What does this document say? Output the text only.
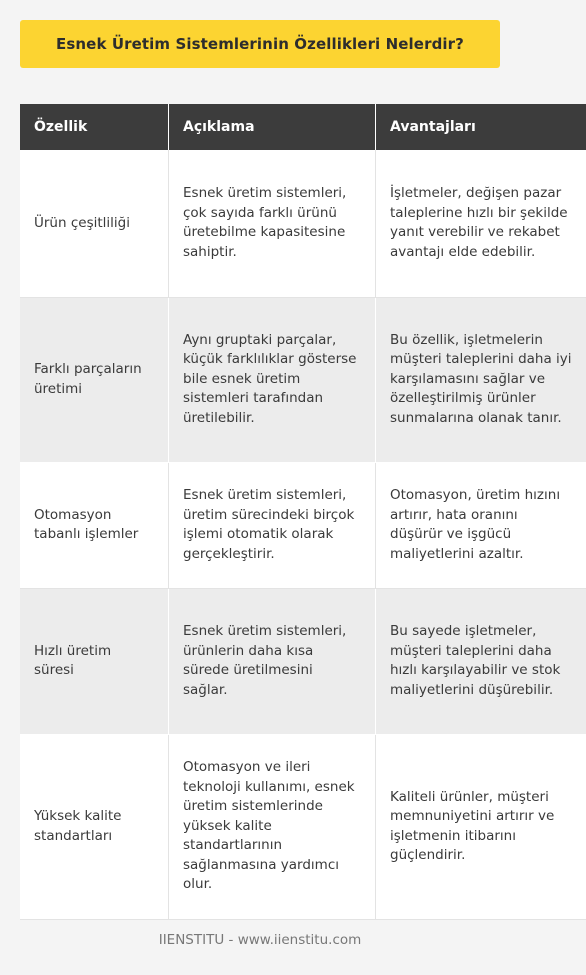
Esnek Üretim Sistemlerinin Özellikleri Nelerdir?
Özellik	Açıklama	Avantajları
Ürün çeşitliliği	Esnek üretim sistemleri, çok sayıda farklı ürünü üretebilme kapasitesine sahiptir.	İşletmeler, değişen pazar taleplerine hızlı bir şekilde yanıt verebilir ve rekabet avantajı elde edebilir.
Farklı parçaların üretimi	Aynı gruptaki parçalar, küçük farklılıklar gösterse bile esnek üretim sistemleri tarafından üretilebilir.	Bu özellik, işletmelerin müşteri taleplerini daha iyi karşılamasını sağlar ve özelleştirilmiş ürünler sunmalarına olanak tanır.
Otomasyon tabanlı işlemler	Esnek üretim sistemleri, üretim sürecindeki birçok işlemi otomatik olarak gerçekleştirir.	Otomasyon, üretim hızını artırır, hata oranını düşürür ve işgücü maliyetlerini azaltır.
Hızlı üretim süresi	Esnek üretim sistemleri, ürünlerin daha kısa sürede üretilmesini sağlar.	Bu sayede işletmeler, müşteri taleplerini daha hızlı karşılayabilir ve stok maliyetlerini düşürebilir.
Yüksek kalite standartları	Otomasyon ve ileri teknoloji kullanımı, esnek üretim sistemlerinde yüksek kalite standartlarının sağlanmasına yardımcı olur.	Kaliteli ürünler, müşteri memnuniyetini artırır ve işletmenin itibarını güçlendirir.
IIENSTITU - www.iienstitu.com
